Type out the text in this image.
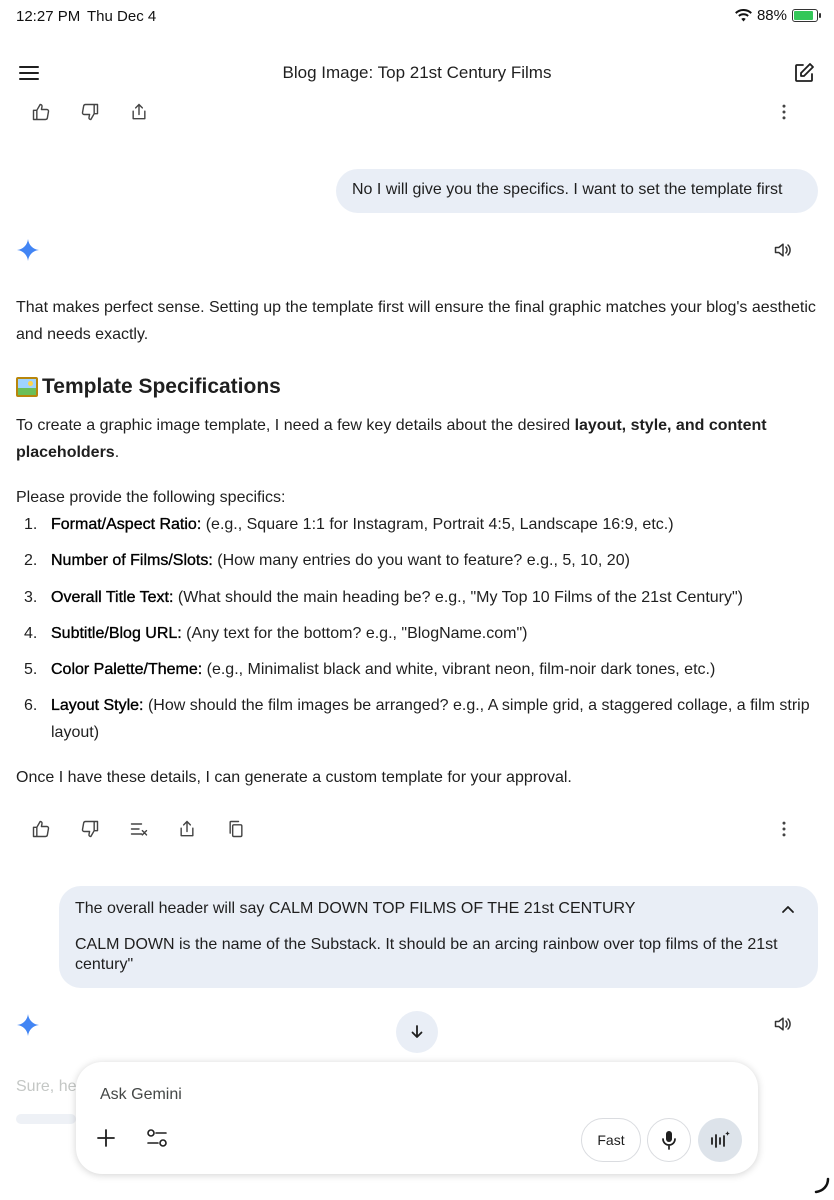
12:27 PM Thu Dec 4	88%
Blog Image: Top 21st Century Films
No I will give you the specifics. I want to set the template first
That makes perfect sense. Setting up the template first will ensure the final graphic matches your blog's aesthetic and needs exactly.
Template Specifications
To create a graphic image template, I need a few key details about the desired layout, style, and content placeholders.
Please provide the following specifics:
1. Format/Aspect Ratio: (e.g., Square 1:1 for Instagram, Portrait 4:5, Landscape 16:9, etc.)
2. Number of Films/Slots: (How many entries do you want to feature? e.g., 5, 10, 20)
3. Overall Title Text: (What should the main heading be? e.g., "My Top 10 Films of the 21st Century")
4. Subtitle/Blog URL: (Any text for the bottom? e.g., "BlogName.com")
5. Color Palette/Theme: (e.g., Minimalist black and white, vibrant neon, film-noir dark tones, etc.)
6. Layout Style: (How should the film images be arranged? e.g., A simple grid, a staggered collage, a film strip layout)
Once I have these details, I can generate a custom template for your approval.
The overall header will say CALM DOWN TOP FILMS OF THE 21st CENTURY
CALM DOWN is the name of the Substack. It should be an arcing rainbow over top films of the 21st century"
Sure, he Ask Gemini
Fast
